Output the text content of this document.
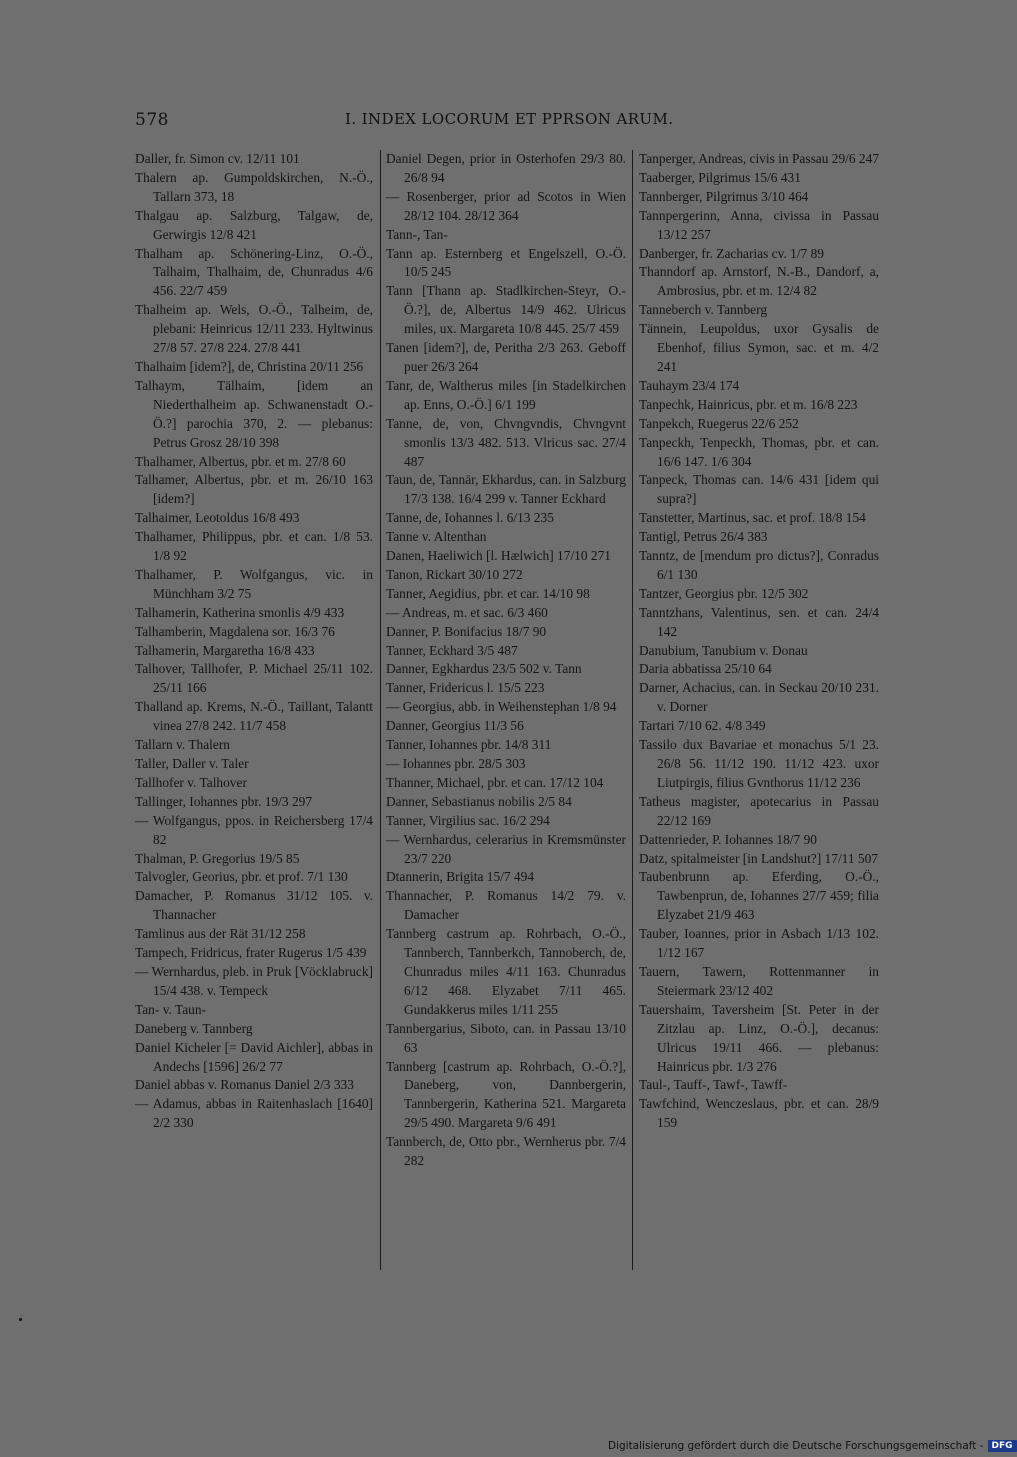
578	I. INDEX LOCORUM ET PPRSON ARUM.

Daller, fr. Simon cv. 12/11 101

Thalern ap. Gumpoldskirchen, N.-Ö., Tallarn 373, 18

Thalgau ap. Salzburg, Talgaw, de, Gerwirgis 12/8 421

Thalham ap. Schönering-Linz, O.-Ö., Talhaim, Thalhaim, de, Chunradus 4/6 456. 22/7 459

Thalheim ap. Wels, O.-Ö., Talheim, de, plebani: Heinricus 12/11 233. Hyltwinus 27/8 57. 27/8 224. 27/8 441

Thalhaim [idem?], de, Christina 20/11 256

Talhaym, Tälhaim, [idem an Niederthalheim ap. Schwanenstadt O.-Ö.?] parochia 370, 2. — plebanus: Petrus Grosz 28/10 398

Thalhamer, Albertus, pbr. et m. 27/8 60

Talhamer, Albertus, pbr. et m. 26/10 163 [idem?]

Talhaimer, Leotoldus 16/8 493

Thalhamer, Philippus, pbr. et can. 1/8 53. 1/8 92

Thalhamer, P. Wolfgangus, vic. in Münchham 3/2 75

Talhamerin, Katherina smonlis 4/9 433

Talhamberin, Magdalena sor. 16/3 76

Talhamerin, Margaretha 16/8 433

Talhover, Tallhofer, P. Michael 25/11 102. 25/11 166

Thalland ap. Krems, N.-Ö., Taillant, Talantt vinea 27/8 242. 11/7 458

Tallarn v. Thalern

Taller, Daller v. Taler

Tallhofer v. Talhover

Tallinger, Iohannes pbr. 19/3 297

— Wolfgangus, ppos. in Reichersberg 17/4 82

Thalman, P. Gregorius 19/5 85

Talvogler, Georius, pbr. et prof. 7/1 130

Damacher, P. Romanus 31/12 105. v. Thannacher

Tamlinus aus der Rät 31/12 258

Tampech, Fridricus, frater Rugerus 1/5 439

— Wernhardus, pleb. in Pruk [Vöcklabruck] 15/4 438. v. Tempeck

Tan- v. Taun-

Daneberg v. Tannberg

Daniel Kicheler [= David Aichler], abbas in Andechs [1596] 26/2 77

Daniel abbas v. Romanus Daniel 2/3 333

— Adamus, abbas in Raitenhaslach [1640] 2/2 330

Daniel Degen, prior in Osterhofen 29/3 80. 26/8 94

— Rosenberger, prior ad Scotos in Wien 28/12 104. 28/12 364

Tann-, Tan-

Tann ap. Esternberg et Engelszell, O.-Ö. 10/5 245

Tann [Thann ap. Stadlkirchen-Steyr, O.-Ö.?], de, Albertus 14/9 462. Ulricus miles, ux. Margareta 10/8 445. 25/7 459

Tanen [idem?], de, Peritha 2/3 263. Geboff puer 26/3 264

Tanr, de, Waltherus miles [in Stadelkirchen ap. Enns, O.-Ö.] 6/1 199

Tanne, de, von, Chvngvndis, Chvngvnt smonlis 13/3 482. 513. Vlricus sac. 27/4 487

Taun, de, Tannär, Ekhardus, can. in Salzburg 17/3 138. 16/4 299 v. Tanner Eckhard

Tanne, de, Iohannes l. 6/13 235

Tanne v. Altenthan

Danen, Haeliwich [l. Hælwich] 17/10 271

Tanon, Rickart 30/10 272

Tanner, Aegidius, pbr. et car. 14/10 98

— Andreas, m. et sac. 6/3 460

Danner, P. Bonifacius 18/7 90

Tanner, Eckhard 3/5 487

Danner, Egkhardus 23/5 502 v. Tann

Tanner, Fridericus l. 15/5 223

— Georgius, abb. in Weihenstephan 1/8 94

Danner, Georgius 11/3 56

Tanner, Iohannes pbr. 14/8 311

— Iohannes pbr. 28/5 303

Thanner, Michael, pbr. et can. 17/12 104

Danner, Sebastianus nobilis 2/5 84

Tanner, Virgilius sac. 16/2 294

— Wernhardus, celerarius in Kremsmünster 23/7 220

Dtannerin, Brigita 15/7 494

Thannacher, P. Romanus 14/2 79. v. Damacher

Tannberg castrum ap. Rohrbach, O.-Ö., Tannberch, Tannberkch, Tannoberch, de, Chunradus miles 4/11 163. Chunradus 6/12 468. Elyzabet 7/11 465. Gundakkerus miles 1/11 255

Tannbergarius, Siboto, can. in Passau 13/10 63

Tannberg [castrum ap. Rohrbach, O.-Ö.?], Daneberg, von, Dannbergerin, Tannbergerin, Katherina 521. Margareta 29/5 490. Margareta 9/6 491

Tannberch, de, Otto pbr., Wernherus pbr. 7/4 282

Tanperger, Andreas, civis in Passau 29/6 247

Taaberger, Pilgrimus 15/6 431

Tannberger, Pilgrimus 3/10 464

Tannpergerinn, Anna, civissa in Passau 13/12 257

Danberger, fr. Zacharias cv. 1/7 89

Thanndorf ap. Arnstorf, N.-B., Dandorf, a, Ambrosius, pbr. et m. 12/4 82

Tanneberch v. Tannberg

Tännein, Leupoldus, uxor Gysalis de Ebenhof, filius Symon, sac. et m. 4/2 241

Tauhaym 23/4 174

Tanpechk, Hainricus, pbr. et m. 16/8 223

Tanpekch, Ruegerus 22/6 252

Tanpeckh, Tenpeckh, Thomas, pbr. et can. 16/6 147. 1/6 304

Tanpeck, Thomas can. 14/6 431 [idem qui supra?]

Tanstetter, Martinus, sac. et prof. 18/8 154

Tantigl, Petrus 26/4 383

Tanntz, de [mendum pro dictus?], Conradus 6/1 130

Tantzer, Georgius pbr. 12/5 302

Tanntzhans, Valentinus, sen. et can. 24/4 142

Danubium, Tanubium v. Donau

Daria abbatissa 25/10 64

Darner, Achacius, can. in Seckau 20/10 231. v. Dorner

Tartari 7/10 62. 4/8 349

Tassilo dux Bavariae et monachus 5/1 23. 26/8 56. 11/12 190. 11/12 423. uxor Liutpirgis, filius Gvnthorus 11/12 236

Tatheus magister, apotecarius in Passau 22/12 169

Dattenrieder, P. Iohannes 18/7 90

Datz, spitalmeister [in Landshut?] 17/11 507

Taubenbrunn ap. Eferding, O.-Ö., Tawbenprun, de, Iohannes 27/7 459; filia Elyzabet 21/9 463

Tauber, Ioannes, prior in Asbach 1/13 102. 1/12 167

Tauern, Tawern, Rottenmanner in Steiermark 23/12 402

Tauershaim, Taversheim [St. Peter in der Zitzlau ap. Linz, O.-Ö.], decanus: Ulricus 19/11 466. — plebanus: Hainricus pbr. 1/3 276

Taul-, Tauff-, Tawf-, Tawff-

Tawfchind, Wenczeslaus, pbr. et can. 28/9 159

Digitalisierung gefördert durch die Deutsche Forschungsgemeinschaft - DFG
